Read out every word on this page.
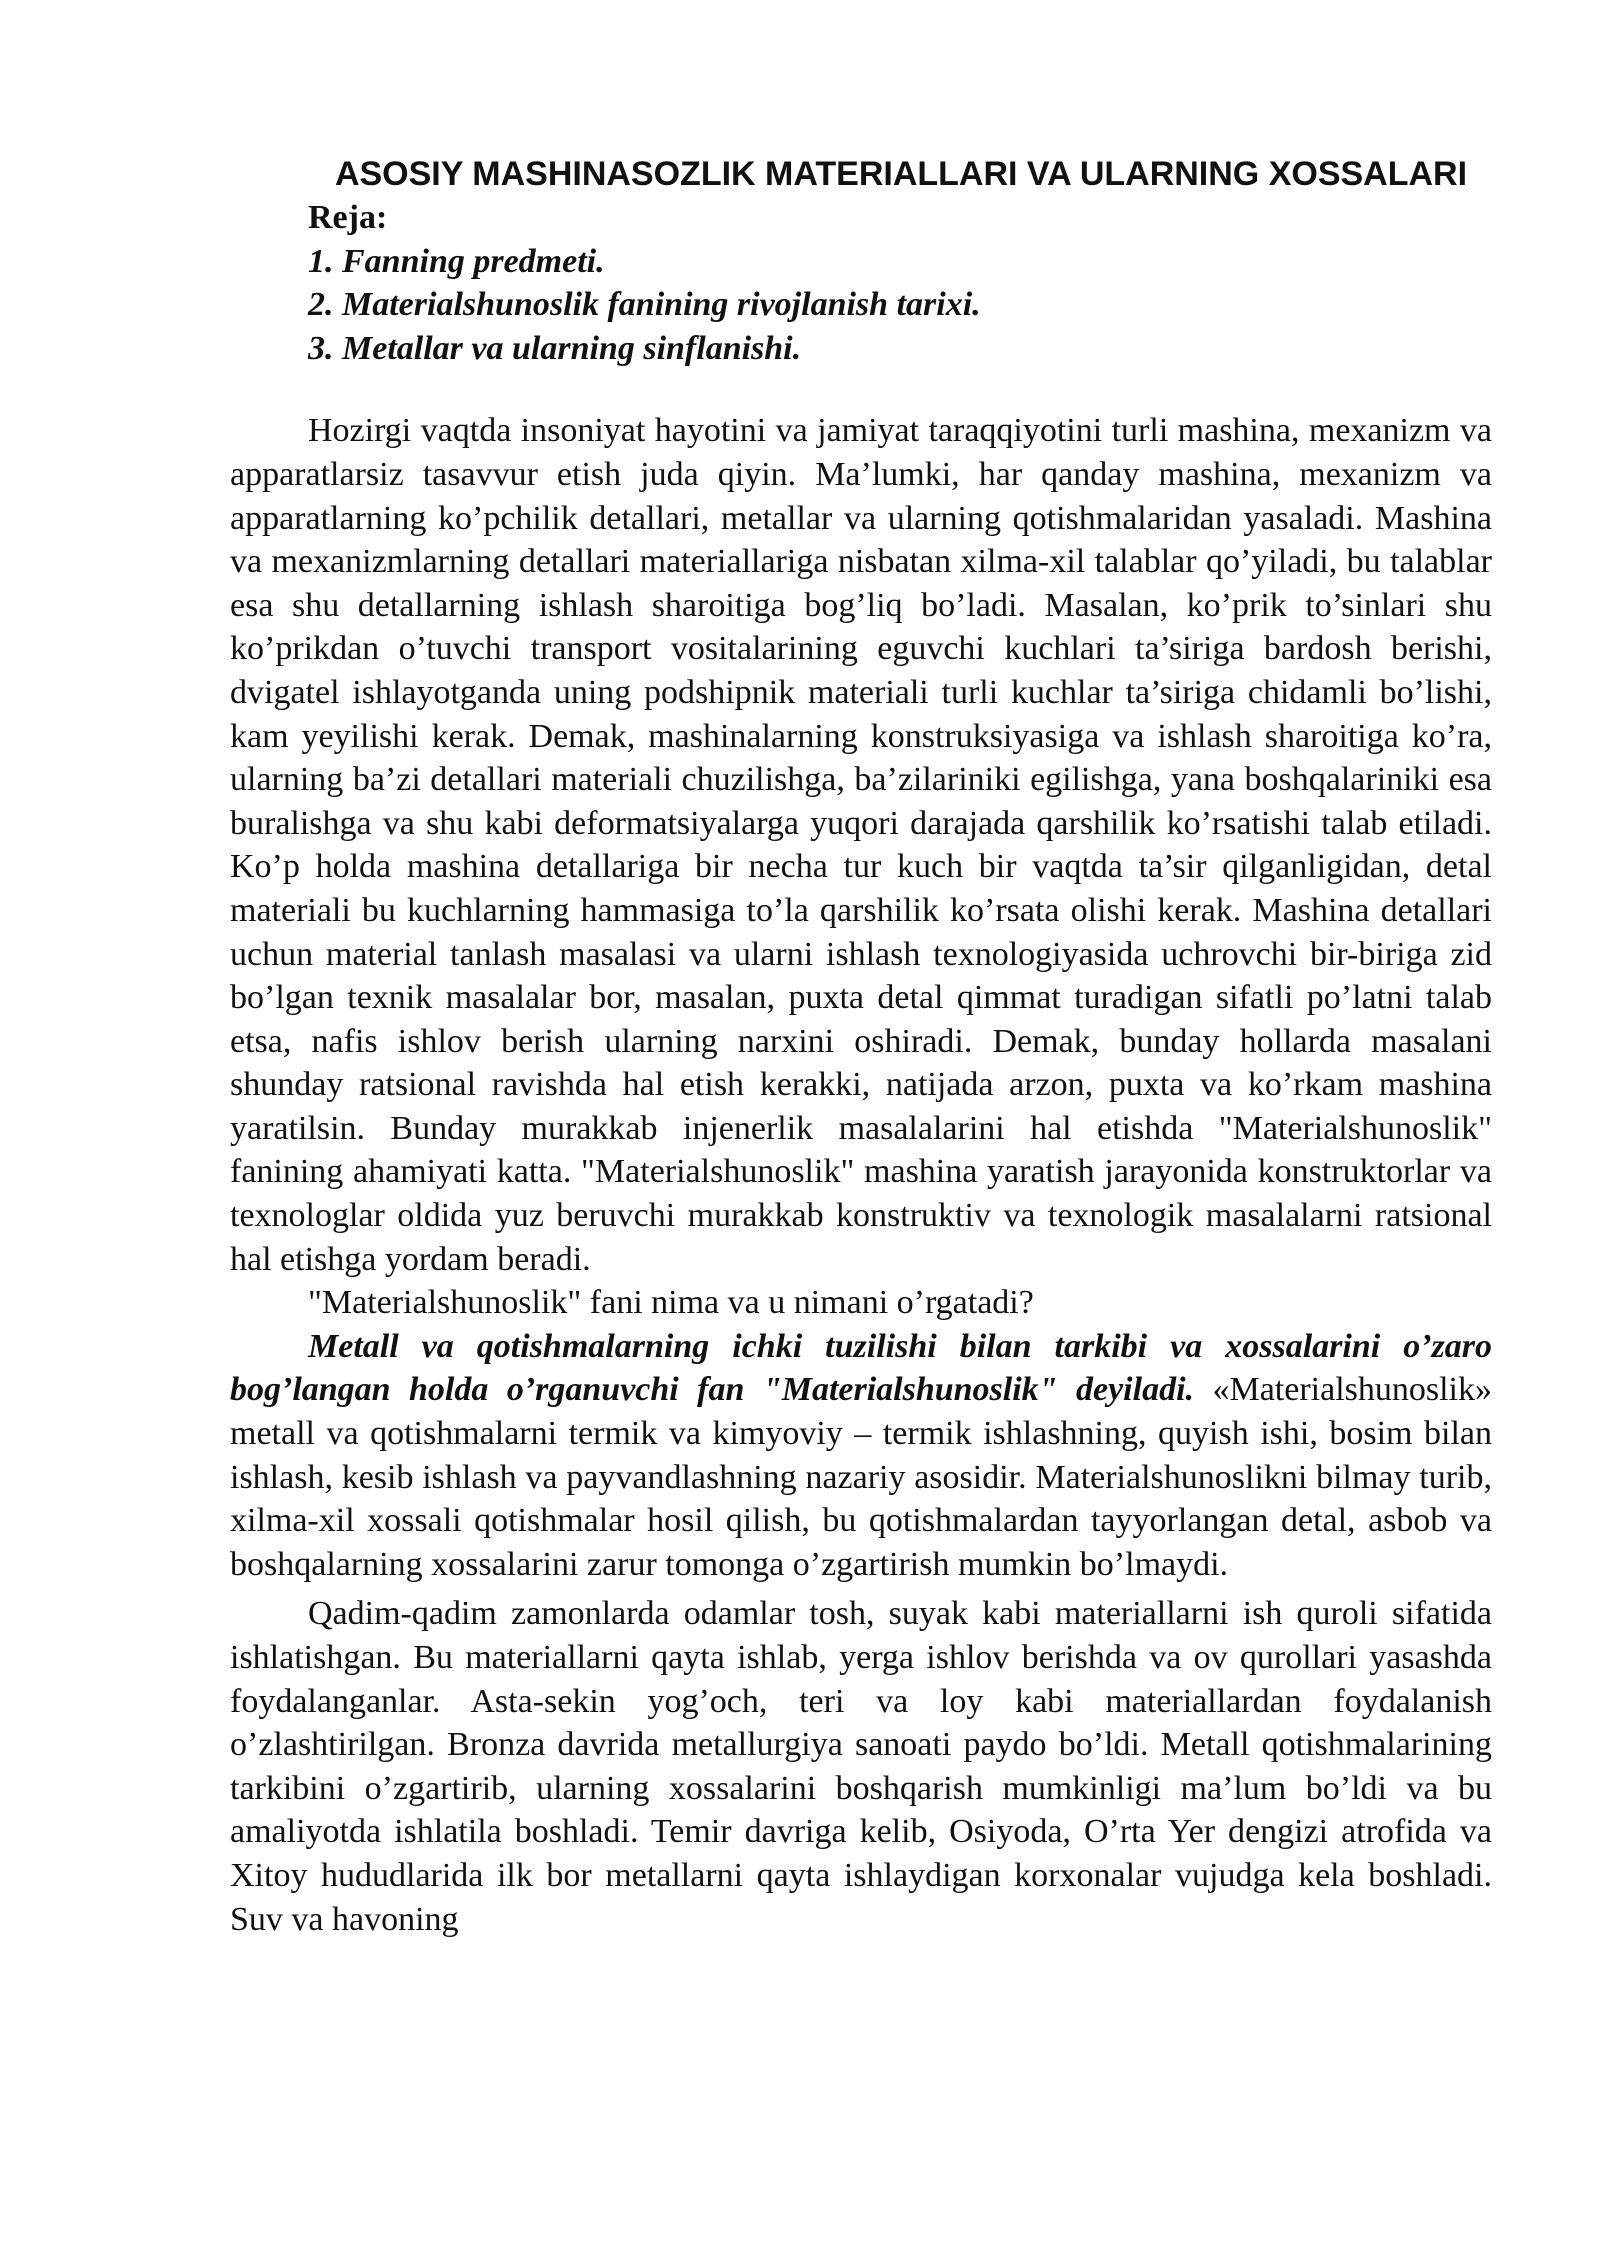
ASOSIY MASHINASOZLIK MATERIALLARI VA ULARNING XOSSALARI
Reja:
1. Fanning predmeti.
2. Materialshunoslik fanining rivojlanish tarixi.
3. Metallar va ularning sinflanishi.

Hozirgi vaqtda insoniyat hayotini va jamiyat taraqqiyotini turli mashina, mexanizm va apparatlarsiz tasavvur etish juda qiyin. Ma’lumki, har qanday mashina, mexanizm va apparatlarning ko’pchilik detallari, metallar va ularning qotishmalaridan yasaladi. Mashina va mexanizmlarning detallari materiallariga nisbatan xilma-xil talablar qo’yiladi, bu talablar esa shu detallarning ishlash sharoitiga bog’liq bo’ladi. Masalan, ko’prik to’sinlari shu ko’prikdan o’tuvchi transport vositalarining eguvchi kuchlari ta’siriga bardosh berishi, dvigatel ishlayotganda uning podshipnik materiali turli kuchlar ta’siriga chidamli bo’lishi, kam yeyilishi kerak. Demak, mashinalarning konstruksiyasiga va ishlash sharoitiga ko’ra, ularning ba’zi detallari materiali chuzilishga, ba’zilariniki egilishga, yana boshqalariniki esa buralishga va shu kabi deformatsiyalarga yuqori darajada qarshilik ko’rsatishi talab etiladi. Ko’p holda mashina detallariga bir necha tur kuch bir vaqtda ta’sir qilganligidan, detal materiali bu kuchlarning hammasiga to’la qarshilik ko’rsata olishi kerak. Mashina detallari uchun material tanlash masalasi va ularni ishlash texnologiyasida uchrovchi bir-biriga zid bo’lgan texnik masalalar bor, masalan, puxta detal qimmat turadigan sifatli po’latni talab etsa, nafis ishlov berish ularning narxini oshiradi. Demak, bunday hollarda masalani shunday ratsional ravishda hal etish kerakki, natijada arzon, puxta va ko’rkam mashina yaratilsin. Bunday murakkab injenerlik masalalarini hal etishda "Materialshunoslik" fanining ahamiyati katta. "Materialshunoslik" mashina yaratish jarayonida konstruktorlar va texnologlar oldida yuz beruvchi murakkab konstruktiv va texnologik masalalarni ratsional hal etishga yordam beradi.

"Materialshunoslik" fani nima va u nimani o’rgatadi?

Metall va qotishmalarning ichki tuzilishi bilan tarkibi va xossalarini o’zaro bog’langan holda o’rganuvchi fan "Materialshunoslik" deyiladi. «Materialshunoslik» metall va qotishmalarni termik va kimyoviy – termik ishlashning, quyish ishi, bosim bilan ishlash, kesib ishlash va payvandlashning nazariy asosidir. Materialshunoslikni bilmay turib, xilma-xil xossali qotishmalar hosil qilish, bu qotishmalardan tayyorlangan detal, asbob va boshqalarning xossalarini zarur tomonga o’zgartirish mumkin bo’lmaydi.

Qadim-qadim zamonlarda odamlar tosh, suyak kabi materiallarni ish quroli sifatida ishlatishgan. Bu materiallarni qayta ishlab, yerga ishlov berishda va ov qurollari yasashda foydalanganlar. Asta-sekin yog’och, teri va loy kabi materiallardan foydalanish o’zlashtirilgan. Bronza davrida metallurgiya sanoati paydo bo’ldi. Metall qotishmalarining tarkibini o’zgartirib, ularning xossalarini boshqarish mumkinligi ma’lum bo’ldi va bu amaliyotda ishlatila boshladi. Temir davriga kelib, Osiyoda, O’rta Yer dengizi atrofida va Xitoy hududlarida ilk bor metallarni qayta ishlaydigan korxonalar vujudga kela boshladi. Suv va havoning
